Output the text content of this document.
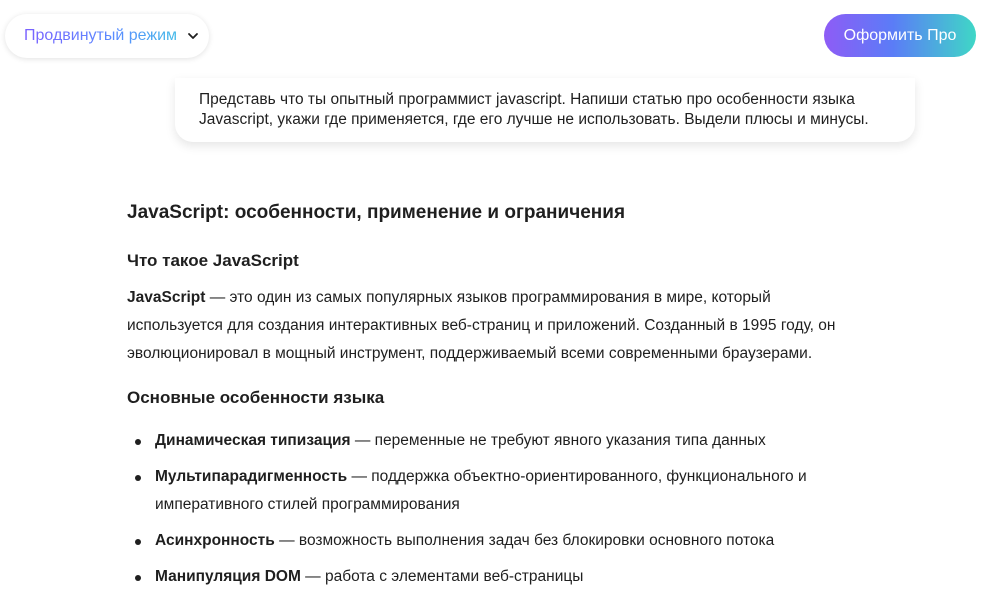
Продвинутый режим	Оформить Про
Представь что ты опытный программист javascript. Напиши статью про особенности языка Javascript, укажи где применяется, где его лучше не использовать. Выдели плюсы и минусы.
JavaScript: особенности, применение и ограничения
Что такое JavaScript

JavaScript — это один из самых популярных языков программирования в мире, который используется для создания интерактивных веб-страниц и приложений. Созданный в 1995 году, он эволюционировал в мощный инструмент, поддерживаемый всеми современными браузерами.

Основные особенности языка
Динамическая типизация — переменные не требуют явного указания типа данных
Мультипарадигменность — поддержка объектно-ориентированного, функционального и императивного стилей программирования
Асинхронность — возможность выполнения задач без блокировки основного потока
Манипуляция DOM — работа с элементами веб-страницы
